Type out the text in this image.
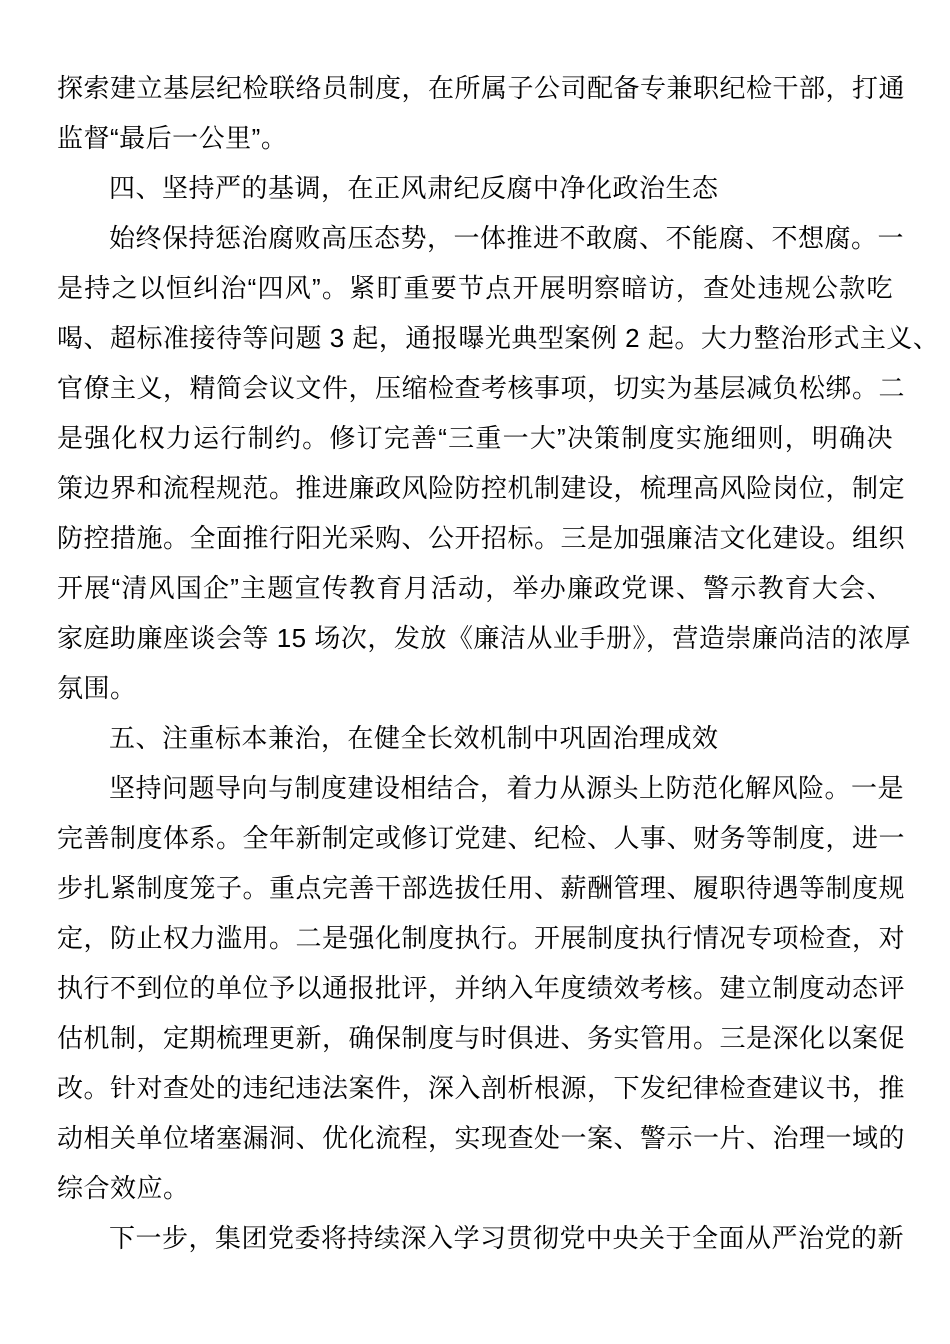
探索建立基层纪检联络员制度，在所属子公司配备专兼职纪检干部，打通
监督“最后一公里”。
四、坚持严的基调，在正风肃纪反腐中净化政治生态
始终保持惩治腐败高压态势，一体推进不敢腐、不能腐、不想腐。一
是持之以恒纠治“四风”。紧盯重要节点开展明察暗访，查处违规公款吃
喝、超标准接待等问题 3 起，通报曝光典型案例 2 起。大力整治形式主义、
官僚主义，精简会议文件，压缩检查考核事项，切实为基层减负松绑。二
是强化权力运行制约。修订完善“三重一大”决策制度实施细则，明确决
策边界和流程规范。推进廉政风险防控机制建设，梳理高风险岗位，制定
防控措施。全面推行阳光采购、公开招标。三是加强廉洁文化建设。组织
开展“清风国企”主题宣传教育月活动，举办廉政党课、警示教育大会、
家庭助廉座谈会等 15 场次，发放《廉洁从业手册》，营造崇廉尚洁的浓厚
氛围。
五、注重标本兼治，在健全长效机制中巩固治理成效
坚持问题导向与制度建设相结合，着力从源头上防范化解风险。一是
完善制度体系。全年新制定或修订党建、纪检、人事、财务等制度，进一
步扎紧制度笼子。重点完善干部选拔任用、薪酬管理、履职待遇等制度规
定，防止权力滥用。二是强化制度执行。开展制度执行情况专项检查，对
执行不到位的单位予以通报批评，并纳入年度绩效考核。建立制度动态评
估机制，定期梳理更新，确保制度与时俱进、务实管用。三是深化以案促
改。针对查处的违纪违法案件，深入剖析根源，下发纪律检查建议书，推
动相关单位堵塞漏洞、优化流程，实现查处一案、警示一片、治理一域的
综合效应。
下一步，集团党委将持续深入学习贯彻党中央关于全面从严治党的新
